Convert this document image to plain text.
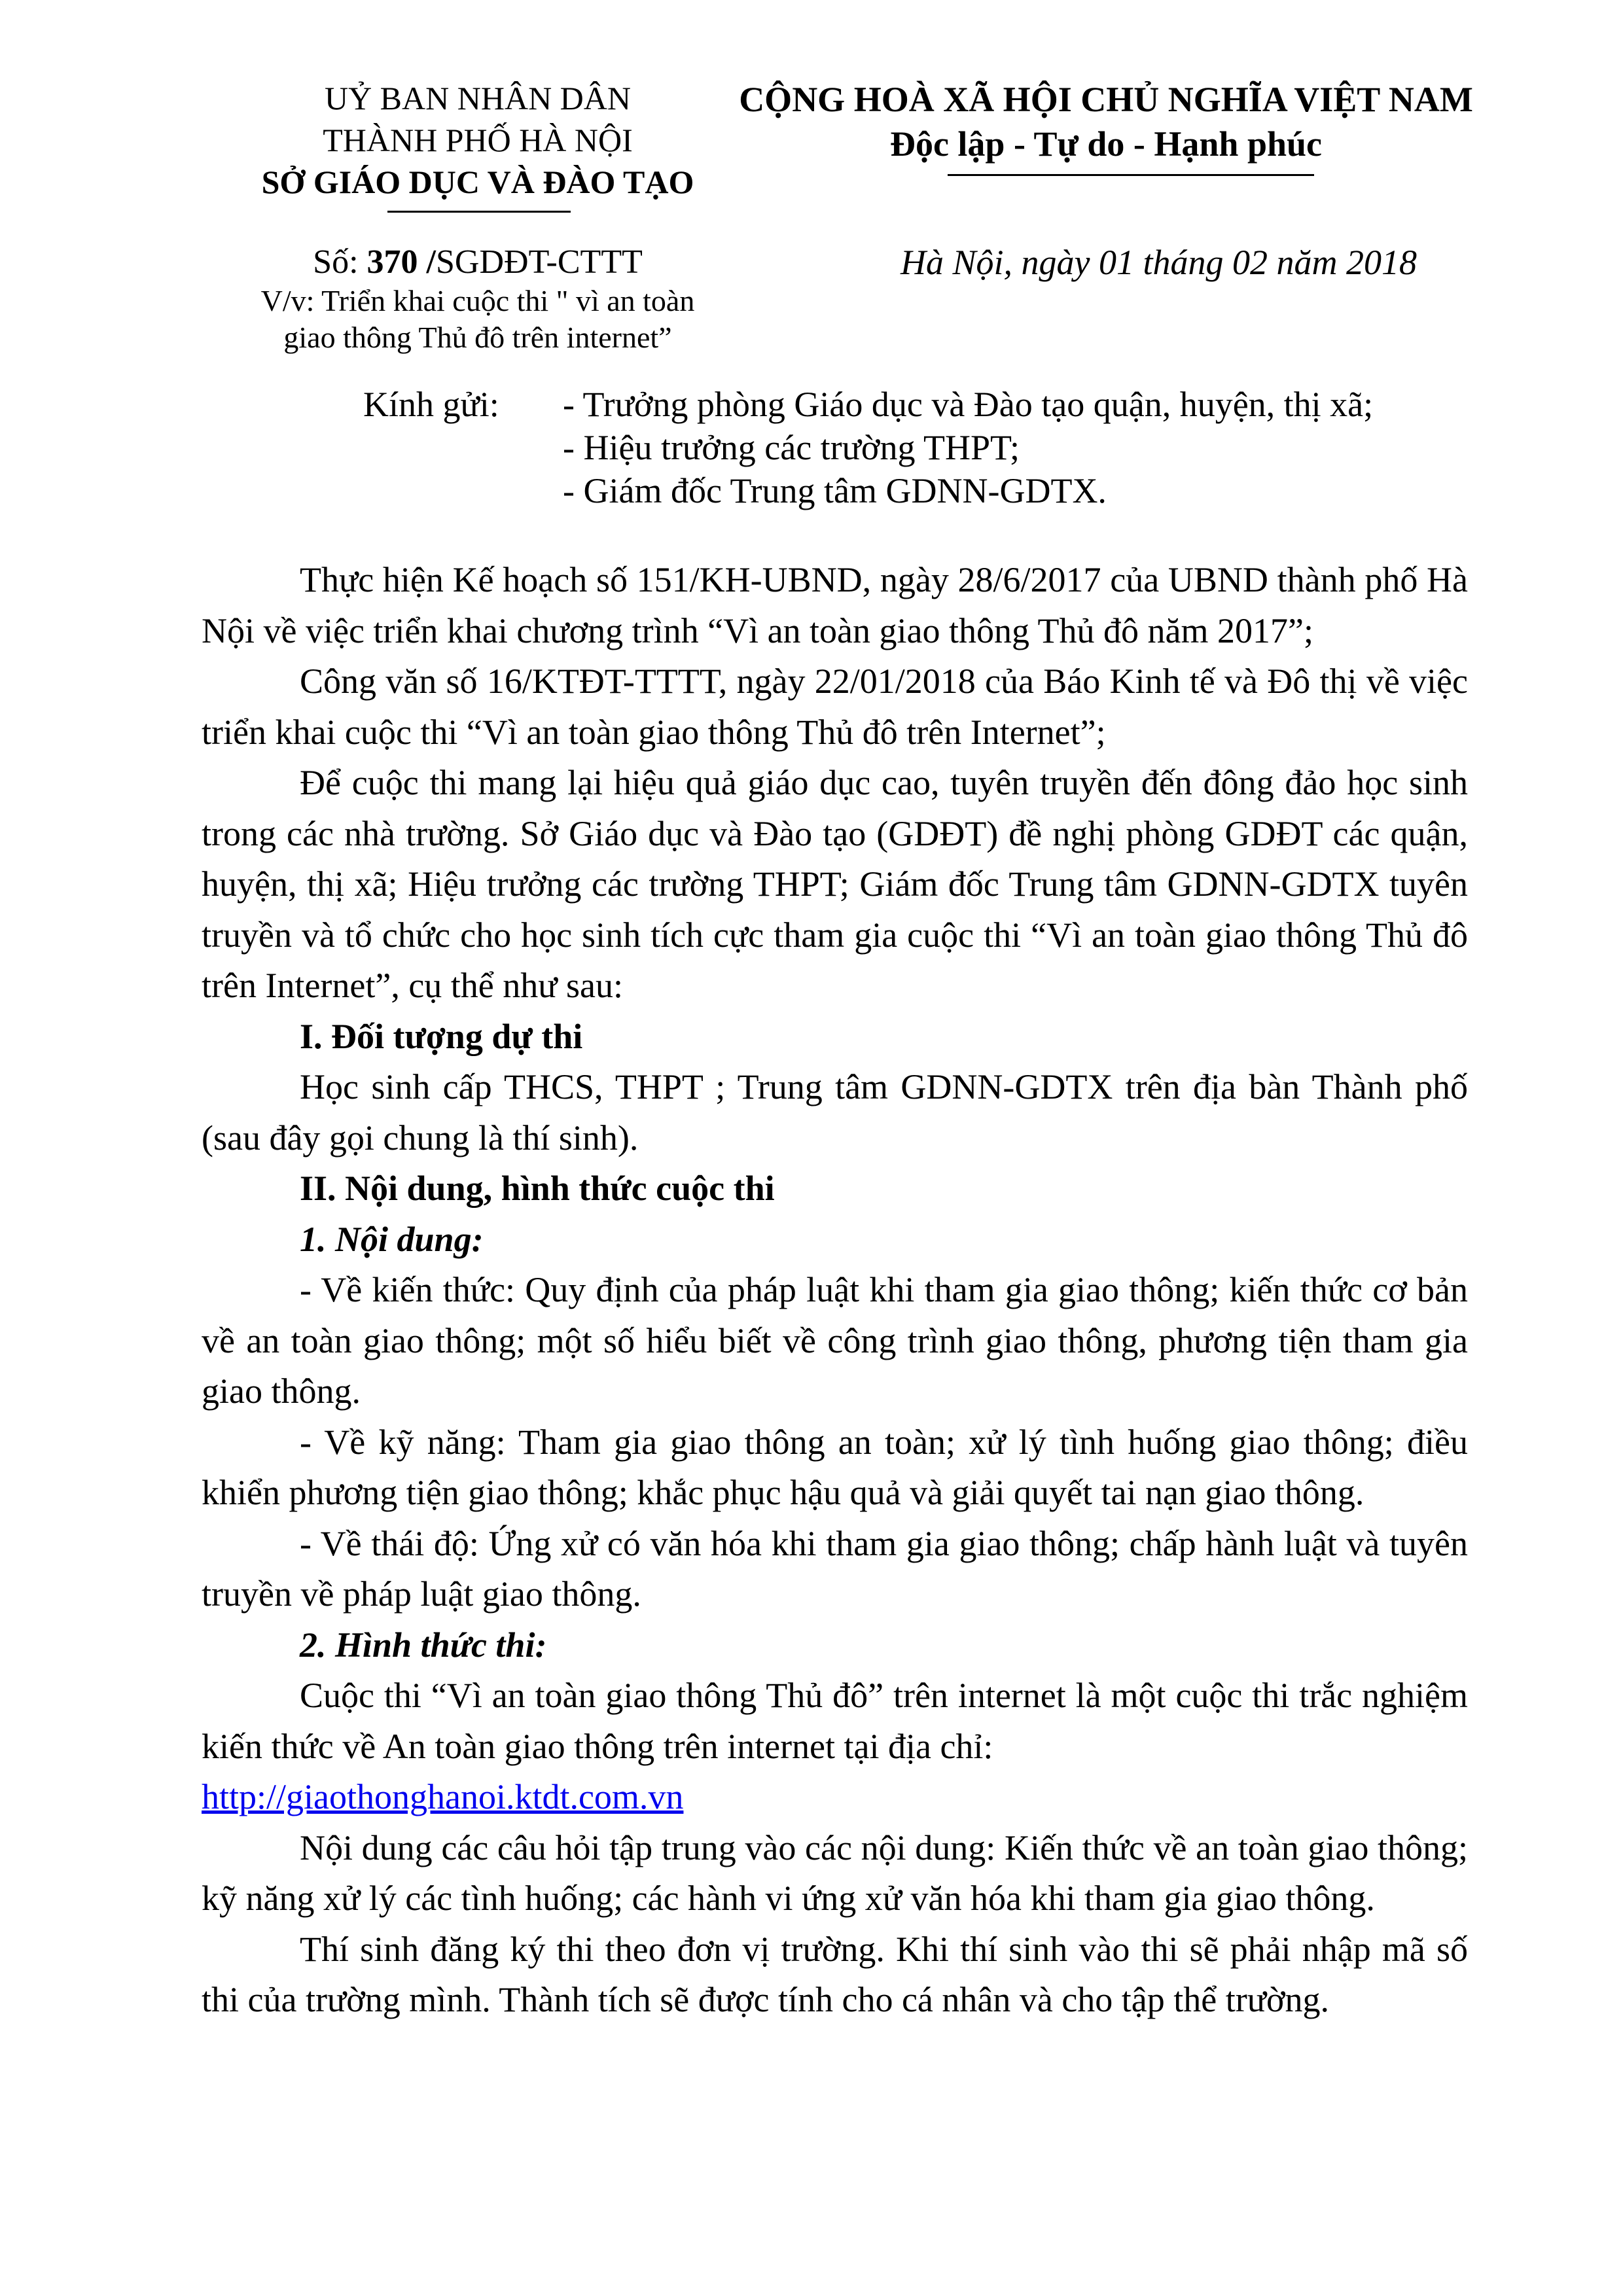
UỶ BAN NHÂN DÂN
THÀNH PHỐ HÀ NỘI
SỞ GIÁO DỤC VÀ ĐÀO TẠO
CỘNG HOÀ XÃ HỘI CHỦ NGHĨA VIỆT NAM
Độc lập - Tự do - Hạnh phúc
Số: 370 /SGDĐT-CTTT
V/v: Triển khai cuộc thi " vì an toàn
giao thông Thủ đô trên internet”
Hà Nội, ngày 01 tháng 02 năm 2018
Kính gửi: - Trưởng phòng Giáo dục và Đào tạo quận, huyện, thị xã;
- Hiệu trưởng các trường THPT;
- Giám đốc Trung tâm GDNN-GDTX.

Thực hiện Kế hoạch số 151/KH-UBND, ngày 28/6/2017 của UBND thành phố Hà Nội về việc triển khai chương trình “Vì an toàn giao thông Thủ đô năm 2017”;

Công văn số 16/KTĐT-TTTT, ngày 22/01/2018 của Báo Kinh tế và Đô thị về việc triển khai cuộc thi “Vì an toàn giao thông Thủ đô trên Internet”;

Để cuộc thi mang lại hiệu quả giáo dục cao, tuyên truyền đến đông đảo học sinh trong các nhà trường. Sở Giáo dục và Đào tạo (GDĐT) đề nghị phòng GDĐT các quận, huyện, thị xã; Hiệu trưởng các trường THPT; Giám đốc Trung tâm GDNN-GDTX tuyên truyền và tổ chức cho học sinh tích cực tham gia cuộc thi “Vì an toàn giao thông Thủ đô trên Internet”, cụ thể như sau:

I. Đối tượng dự thi

Học sinh cấp THCS, THPT ; Trung tâm GDNN-GDTX trên địa bàn Thành phố (sau đây gọi chung là thí sinh).

II. Nội dung, hình thức cuộc thi

1. Nội dung:

- Về kiến thức: Quy định của pháp luật khi tham gia giao thông; kiến thức cơ bản về an toàn giao thông; một số hiểu biết về công trình giao thông, phương tiện tham gia giao thông.

- Về kỹ năng: Tham gia giao thông an toàn; xử lý tình huống giao thông; điều khiển phương tiện giao thông; khắc phục hậu quả và giải quyết tai nạn giao thông.

- Về thái độ: Ứng xử có văn hóa khi tham gia giao thông; chấp hành luật và tuyên truyền về pháp luật giao thông.

2. Hình thức thi:

Cuộc thi “Vì an toàn giao thông Thủ đô” trên internet là một cuộc thi trắc nghiệm kiến thức về An toàn giao thông trên internet tại địa chỉ:

http://giaothonghanoi.ktdt.com.vn

Nội dung các câu hỏi tập trung vào các nội dung: Kiến thức về an toàn giao thông; kỹ năng xử lý các tình huống; các hành vi ứng xử văn hóa khi tham gia giao thông.

Thí sinh đăng ký thi theo đơn vị trường. Khi thí sinh vào thi sẽ phải nhập mã số thi của trường mình. Thành tích sẽ được tính cho cá nhân và cho tập thể trường.
